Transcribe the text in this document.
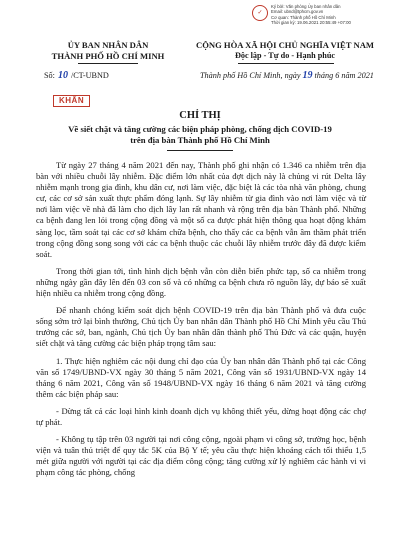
✓
Ký bởi: Văn phòng Ủy ban nhân dân
Email: ubnd@tphcm.gov.vn
Cơ quan: Thành phố Hồ Chí Minh
Thời gian ký: 19.06.2021 20:55:49 +07:00
ỦY BAN NHÂN DÂN
THÀNH PHỐ HỒ CHÍ MINH
CỘNG HÒA XÃ HỘI CHỦ NGHĨA VIỆT NAM
Độc lập - Tự do - Hạnh phúc
Số: 10 /CT-UBND	Thành phố Hồ Chí Minh, ngày 19 tháng 6 năm 2021
KHẨN
CHỈ THỊ
Về siết chặt và tăng cường các biện pháp phòng, chống dịch COVID-19
trên địa bàn Thành phố Hồ Chí Minh

Từ ngày 27 tháng 4 năm 2021 đến nay, Thành phố ghi nhận có 1.346 ca nhiễm trên địa bàn với nhiều chuỗi lây nhiễm. Đặc điểm lớn nhất của đợt dịch này là chủng vi rút Delta lây nhiễm mạnh trong gia đình, khu dân cư, nơi làm việc, đặc biệt là các tòa nhà văn phòng, chung cư, các cơ sở sản xuất thực phẩm đóng lạnh. Sự lây nhiễm từ gia đình vào nơi làm việc và từ nơi làm việc về nhà đã làm cho dịch lây lan rất nhanh và rộng trên địa bàn Thành phố. Những ca bệnh đang len lỏi trong cộng đồng và một số ca được phát hiện thông qua hoạt động khám sàng lọc, tầm soát tại các cơ sở khám chữa bệnh, cho thấy các ca bệnh vẫn âm thầm phát triển trong cộng đồng song song với các ca bệnh thuộc các chuỗi lây nhiễm trước đây đã được kiểm soát.

Trong thời gian tới, tình hình dịch bệnh vẫn còn diễn biến phức tạp, số ca nhiễm trong những ngày gần đây lên đến 03 con số và có những ca bệnh chưa rõ nguồn lây, dự báo sẽ xuất hiện nhiều ca nhiễm trong cộng đồng.

Để nhanh chóng kiểm soát dịch bệnh COVID-19 trên địa bàn Thành phố và đưa cuộc sống sớm trở lại bình thường, Chủ tịch Ủy ban nhân dân Thành phố Hồ Chí Minh yêu cầu Thủ trưởng các sở, ban, ngành, Chủ tịch Ủy ban nhân dân thành phố Thủ Đức và các quận, huyện siết chặt và tăng cường các biện pháp trọng tâm sau:

1. Thực hiện nghiêm các nội dung chỉ đạo của Ủy ban nhân dân Thành phố tại các Công văn số 1749/UBND-VX ngày 30 tháng 5 năm 2021, Công văn số 1931/UBND-VX ngày 14 tháng 6 năm 2021, Công văn số 1948/UBND-VX ngày 16 tháng 6 năm 2021 và tăng cường thêm các biện pháp sau:

- Dừng tất cả các loại hình kinh doanh dịch vụ không thiết yếu, dừng hoạt động các chợ tự phát.

- Không tụ tập trên 03 người tại nơi công cộng, ngoài phạm vi công sở, trường học, bệnh viện và tuân thủ triệt để quy tắc 5K của Bộ Y tế; yêu cầu thực hiện khoảng cách tối thiểu 1,5 mét giữa người với người tại các địa điểm công cộng; tăng cường xử lý nghiêm các hành vi vi phạm công tác phòng, chống
